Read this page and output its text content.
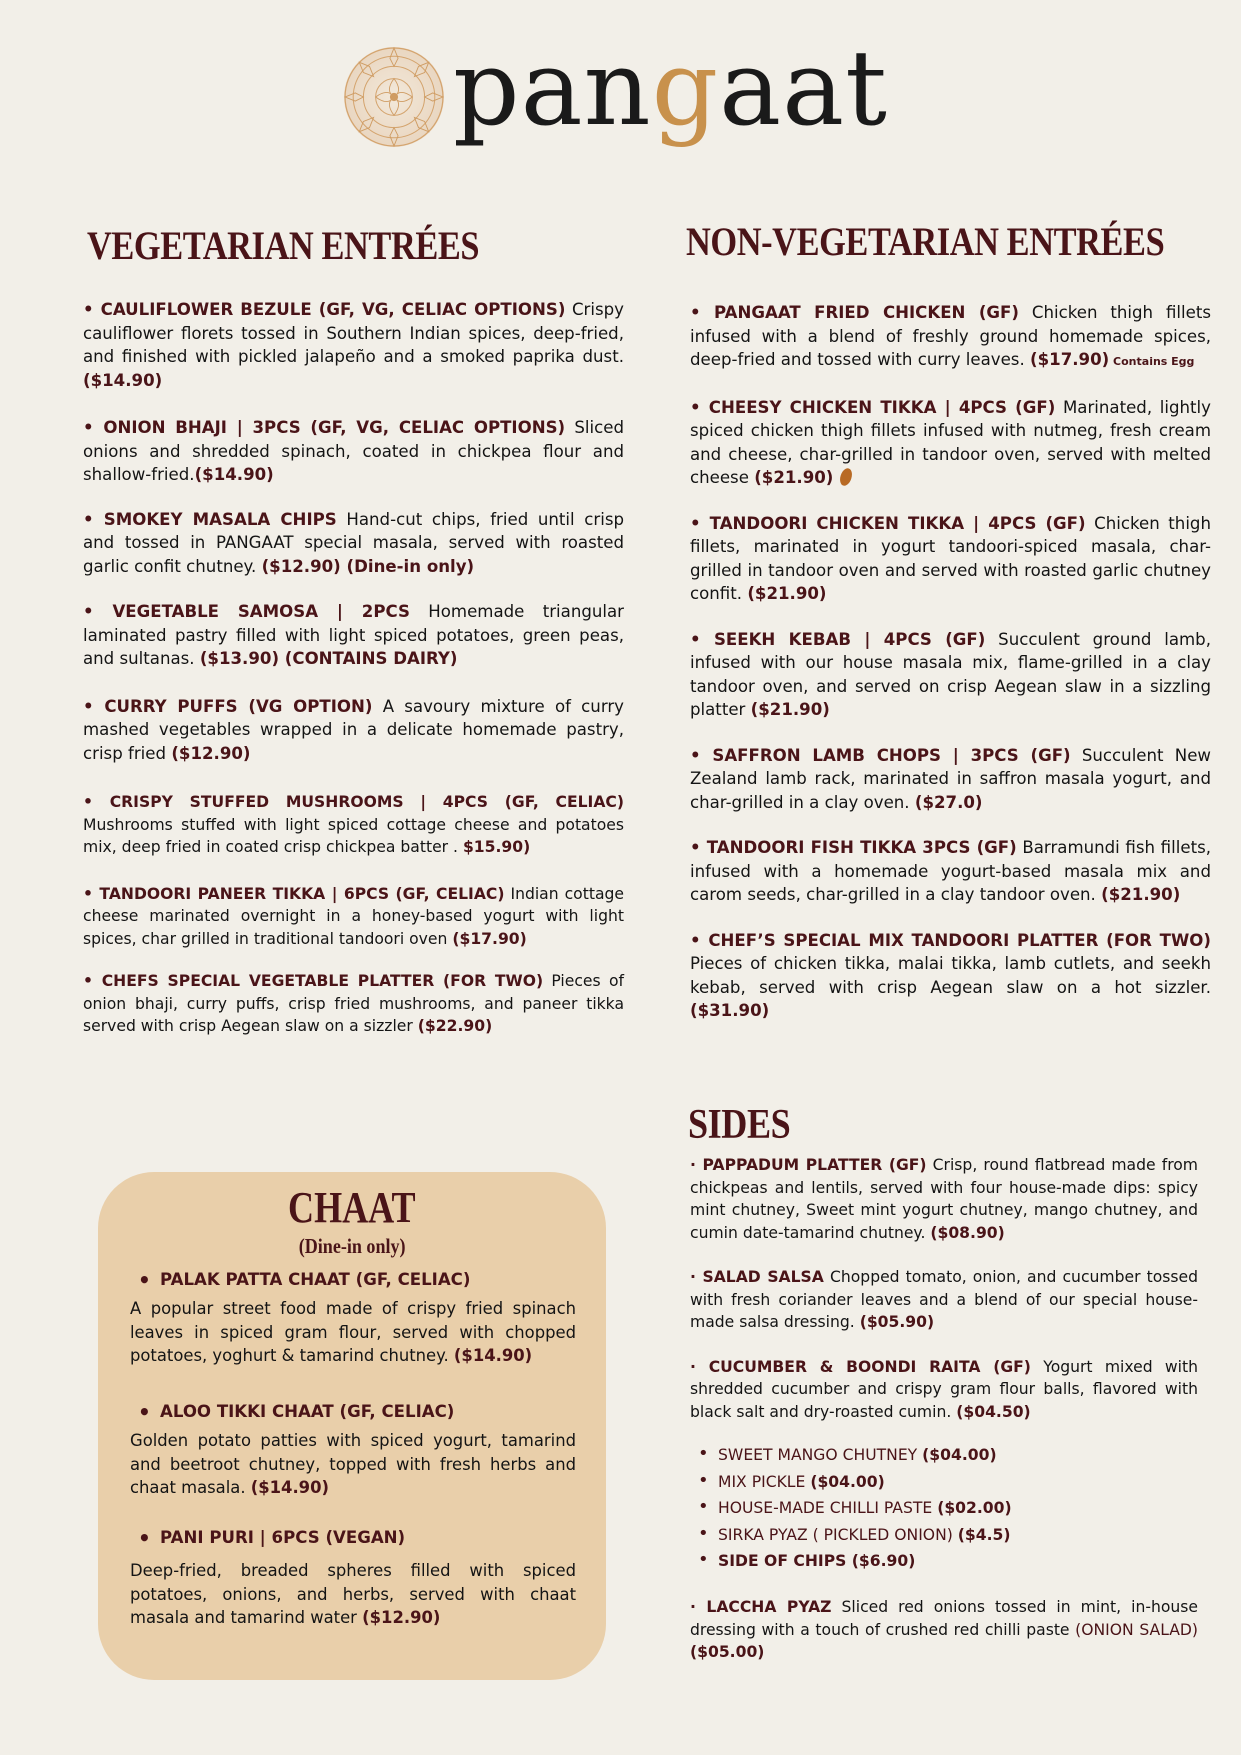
pangaat
VEGETARIAN ENTRÉES

• CAULIFLOWER BEZULE (GF, VG, CELIAC OPTIONS) Crispy cauliflower florets tossed in Southern Indian spices, deep-fried, and finished with pickled jalapeño and a smoked paprika dust. ($14.90)

• ONION BHAJI | 3PCS (GF, VG, CELIAC OPTIONS) Sliced onions and shredded spinach, coated in chickpea flour and shallow-fried.($14.90)

• SMOKEY MASALA CHIPS Hand-cut chips, fried until crisp and tossed in PANGAAT special masala, served with roasted garlic confit chutney. ($12.90) (Dine-in only)

• VEGETABLE SAMOSA | 2PCS Homemade triangular laminated pastry filled with light spiced potatoes, green peas, and sultanas. ($13.90) (CONTAINS DAIRY)

• CURRY PUFFS (VG OPTION) A savoury mixture of curry mashed vegetables wrapped in a delicate homemade pastry, crisp fried ($12.90)

• CRISPY STUFFED MUSHROOMS | 4PCS (GF, CELIAC) Mushrooms stuffed with light spiced cottage cheese and potatoes mix, deep fried in coated crisp chickpea batter . $15.90)

• TANDOORI PANEER TIKKA | 6PCS (GF, CELIAC) Indian cottage cheese marinated overnight in a honey-based yogurt with light spices, char grilled in traditional tandoori oven ($17.90)

• CHEFS SPECIAL VEGETABLE PLATTER (FOR TWO) Pieces of onion bhaji, curry puffs, crisp fried mushrooms, and paneer tikka served with crisp Aegean slaw on a sizzler ($22.90)

NON-VEGETARIAN ENTRÉES

• PANGAAT FRIED CHICKEN (GF) Chicken thigh fillets infused with a blend of freshly ground homemade spices, deep-fried and tossed with curry leaves. ($17.90) Contains Egg

• CHEESY CHICKEN TIKKA | 4PCS (GF) Marinated, lightly spiced chicken thigh fillets infused with nutmeg, fresh cream and cheese, char-grilled in tandoor oven, served with melted cheese ($21.90)

• TANDOORI CHICKEN TIKKA | 4PCS (GF) Chicken thigh fillets, marinated in yogurt tandoori-spiced masala, char-grilled in tandoor oven and served with roasted garlic chutney confit. ($21.90)

• SEEKH KEBAB | 4PCS (GF) Succulent ground lamb, infused with our house masala mix, flame-grilled in a clay tandoor oven, and served on crisp Aegean slaw in a sizzling platter ($21.90)

• SAFFRON LAMB CHOPS | 3PCS (GF) Succulent New Zealand lamb rack, marinated in saffron masala yogurt, and char-grilled in a clay oven. ($27.0)

• TANDOORI FISH TIKKA 3PCS (GF) Barramundi fish fillets, infused with a homemade yogurt-based masala mix and carom seeds, char-grilled in a clay tandoor oven. ($21.90)

• CHEF’S SPECIAL MIX TANDOORI PLATTER (FOR TWO) Pieces of chicken tikka, malai tikka, lamb cutlets, and seekh kebab, served with crisp Aegean slaw on a hot sizzler. ($31.90)

CHAAT
(Dine-in only)

• PALAK PATTA CHAAT (GF, CELIAC)

A popular street food made of crispy fried spinach leaves in spiced gram flour, served with chopped potatoes, yoghurt & tamarind chutney. ($14.90)

• ALOO TIKKI CHAAT (GF, CELIAC)

Golden potato patties with spiced yogurt, tamarind and beetroot chutney, topped with fresh herbs and chaat masala. ($14.90)

• PANI PURI | 6PCS (VEGAN)

Deep-fried, breaded spheres filled with spiced potatoes, onions, and herbs, served with chaat masala and tamarind water ($12.90)

SIDES

· PAPPADUM PLATTER (GF) Crisp, round flatbread made from chickpeas and lentils, served with four house-made dips: spicy mint chutney, Sweet mint yogurt chutney, mango chutney, and cumin date-tamarind chutney. ($08.90)

· SALAD SALSA Chopped tomato, onion, and cucumber tossed with fresh coriander leaves and a blend of our special house-made salsa dressing. ($05.90)

· CUCUMBER & BOONDI RAITA (GF) Yogurt mixed with shredded cucumber and crispy gram flour balls, flavored with black salt and dry-roasted cumin. ($04.50)

• SWEET MANGO CHUTNEY ($04.00)
• MIX PICKLE ($04.00)
• HOUSE-MADE CHILLI PASTE ($02.00)
• SIRKA PYAZ ( PICKLED ONION) ($4.5)
• SIDE OF CHIPS ($6.90)

· LACCHA PYAZ Sliced red onions tossed in mint, in-house dressing with a touch of crushed red chilli paste (ONION SALAD) ($05.00)
